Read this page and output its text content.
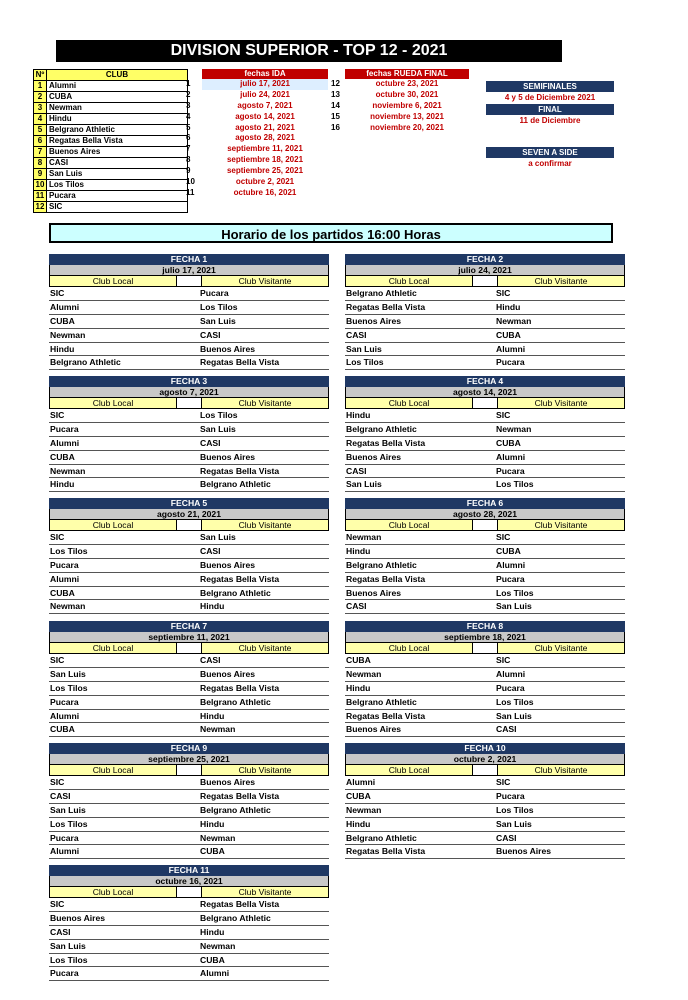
DIVISION SUPERIOR - TOP 12 - 2021
Nº	CLUB
1	Alumni
2	CUBA
3	Newman
4	Hindu
5	Belgrano Athletic
6	Regatas Bella Vista
7	Buenos Aires
8	CASI
9	San Luis
10	Los Tilos
11	Pucara
12	SIC
fechas IDA
1	julio 17, 2021
2	julio 24, 2021
3	agosto 7, 2021
4	agosto 14, 2021
5	agosto 21, 2021
6	agosto 28, 2021
7	septiembre 11, 2021
8	septiembre 18, 2021
9	septiembre 25, 2021
10	octubre 2, 2021
11	octubre 16, 2021
fechas RUEDA FINAL
12	octubre 23, 2021
13	octubre 30, 2021
14	noviembre 6, 2021
15	noviembre 13, 2021
16	noviembre 20, 2021
SEMIFINALES
4 y 5 de Diciembre 2021
FINAL
11 de Diciembre
SEVEN A SIDE
a confirmar
Horario de los partidos 16:00 Horas
FECHA 1
julio 17, 2021
Club Local	Club Visitante
SIC	Pucara
Alumni	Los Tilos
CUBA	San Luis
Newman	CASI
Hindu	Buenos Aires
Belgrano Athletic	Regatas Bella Vista
FECHA 2
julio 24, 2021
Club Local	Club Visitante
Belgrano Athletic	SIC
Regatas Bella Vista	Hindu
Buenos Aires	Newman
CASI	CUBA
San Luis	Alumni
Los Tilos	Pucara
FECHA 3
agosto 7, 2021
Club Local	Club Visitante
SIC	Los Tilos
Pucara	San Luis
Alumni	CASI
CUBA	Buenos Aires
Newman	Regatas Bella Vista
Hindu	Belgrano Athletic
FECHA 4
agosto 14, 2021
Club Local	Club Visitante
Hindu	SIC
Belgrano Athletic	Newman
Regatas Bella Vista	CUBA
Buenos Aires	Alumni
CASI	Pucara
San Luis	Los Tilos
FECHA 5
agosto 21, 2021
Club Local	Club Visitante
SIC	San Luis
Los Tilos	CASI
Pucara	Buenos Aires
Alumni	Regatas Bella Vista
CUBA	Belgrano Athletic
Newman	Hindu
FECHA 6
agosto 28, 2021
Club Local	Club Visitante
Newman	SIC
Hindu	CUBA
Belgrano Athletic	Alumni
Regatas Bella Vista	Pucara
Buenos Aires	Los Tilos
CASI	San Luis
FECHA 7
septiembre 11, 2021
Club Local	Club Visitante
SIC	CASI
San Luis	Buenos Aires
Los Tilos	Regatas Bella Vista
Pucara	Belgrano Athletic
Alumni	Hindu
CUBA	Newman
FECHA 8
septiembre 18, 2021
Club Local	Club Visitante
CUBA	SIC
Newman	Alumni
Hindu	Pucara
Belgrano Athletic	Los Tilos
Regatas Bella Vista	San Luis
Buenos Aires	CASI
FECHA 9
septiembre 25, 2021
Club Local	Club Visitante
SIC	Buenos Aires
CASI	Regatas Bella Vista
San Luis	Belgrano Athletic
Los Tilos	Hindu
Pucara	Newman
Alumni	CUBA
FECHA 10
octubre 2, 2021
Club Local	Club Visitante
Alumni	SIC
CUBA	Pucara
Newman	Los Tilos
Hindu	San Luis
Belgrano Athletic	CASI
Regatas Bella Vista	Buenos Aires
FECHA 11
octubre 16, 2021
Club Local	Club Visitante
SIC	Regatas Bella Vista
Buenos Aires	Belgrano Athletic
CASI	Hindu
San Luis	Newman
Los Tilos	CUBA
Pucara	Alumni
